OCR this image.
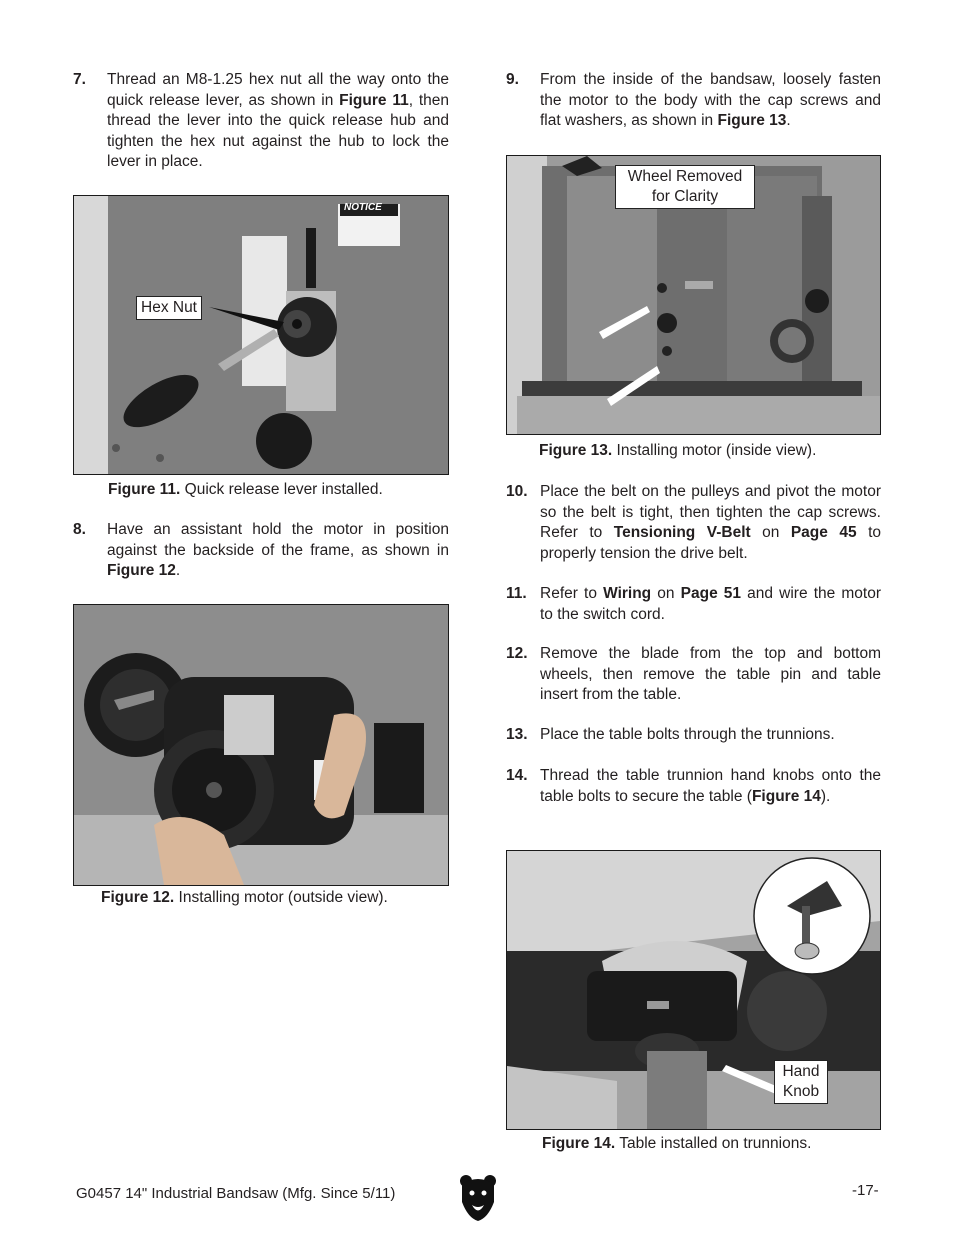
7. Thread an M8-1.25 hex nut all the way onto the quick release lever, as shown in Figure 11, then thread the lever into the quick release hub and tighten the hex nut against the hub to lock the lever in place.
NOTICE
Hex Nut
Figure 11. Quick release lever installed.
8. Have an assistant hold the motor in position against the backside of the frame, as shown in Figure 12.
Figure 12. Installing motor (outside view).
9. From the inside of the bandsaw, loosely fasten the motor to the body with the cap screws and flat washers, as shown in Figure 13.
Wheel Removed
for Clarity
Figure 13. Installing motor (inside view).
10. Place the belt on the pulleys and pivot the motor so the belt is tight, then tighten the cap screws. Refer to Tensioning V-Belt on Page 45 to properly tension the drive belt.
11. Refer to Wiring on Page 51 and wire the motor to the switch cord.
12. Remove the blade from the top and bottom wheels, then remove the table pin and table insert from the table.
13. Place the table bolts through the trunnions.
14. Thread the table trunnion hand knobs onto the table bolts to secure the table (Figure 14).
Hand
Knob
Figure 14. Table installed on trunnions.
G0457 14" Industrial Bandsaw (Mfg. Since 5/11)	-17-
